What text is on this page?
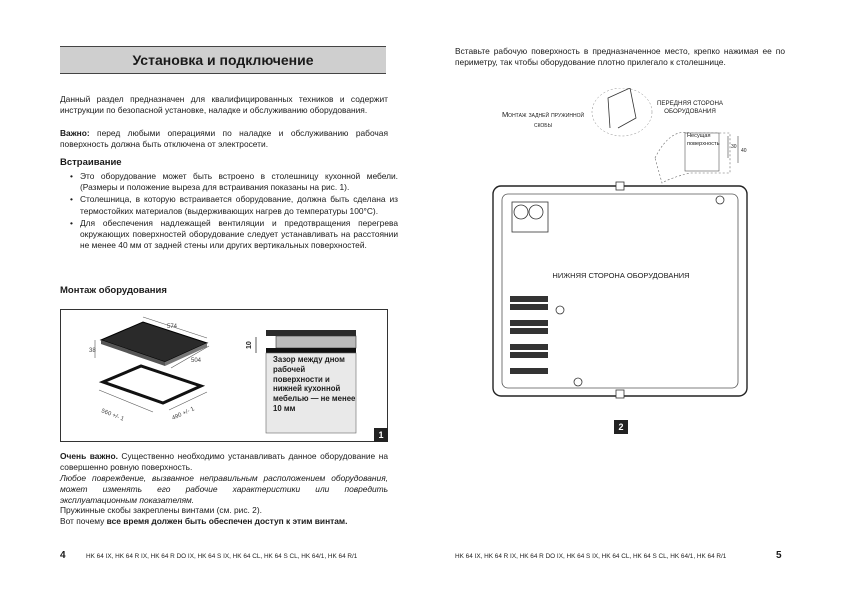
Установка и подключение
Данный раздел предназначен для квалифицированных техников и содержит инструкции по безопасной установке, наладке и обслуживанию оборудования.
Важно: перед любыми операциями по наладке и обслуживанию рабочая поверхность должна быть отключена от электросети.
Встраивание
• Это оборудование может быть встроено в столешницу кухонной мебели. (Размеры и положение выреза для встраивания показаны на рис. 1).
• Столешница, в которую встраивается оборудование, должна быть сделана из термостойких материалов (выдерживающих нагрев до температуры 100°С).
• Для обеспечения надлежащей вентиляции и предотвращения перегрева окружающих поверхностей оборудование следует устанавливать на расстоянии не менее 40 мм от задней стены или других вертикальных поверхностей.
Монтаж оборудования
574
504
38
560 +/- 1	490 +/- 1
10
Зазор между дном рабочей поверхности и нижней кухонной мебелью — не менее 10 мм
1
Очень важно. Существенно необходимо устанавливать данное оборудование на совершенно ровную поверхность.
Любое повреждение, вызванное неправильным расположением оборудования, может изменять его рабочие характеристики или повредить эксплуатационным показателям.
Пружинные скобы закреплены винтами (см. рис. 2).
Вот почему все время должен быть обеспечен доступ к этим винтам.
4	HK 64 IX, HK 64 R IX, HK 64 R DO IX, HK 64 S IX, HK 64 CL, HK 64 S CL, HK 64/1, HK 64 R/1
Вставьте рабочую поверхность в предназначенное место, крепко нажимая ее по периметру, так чтобы оборудование плотно прилегало к столешнице.
30
40
Монтаж задней пружинной скобы
ПЕРЕДНЯЯ СТОРОНА ОБОРУДОВАНИЯ
Несущая поверхность
НИЖНЯЯ СТОРОНА ОБОРУДОВАНИЯ
2
HK 64 IX, HK 64 R IX, HK 64 R DO IX, HK 64 S IX, HK 64 CL, HK 64 S CL, HK 64/1, HK 64 R/1	5
